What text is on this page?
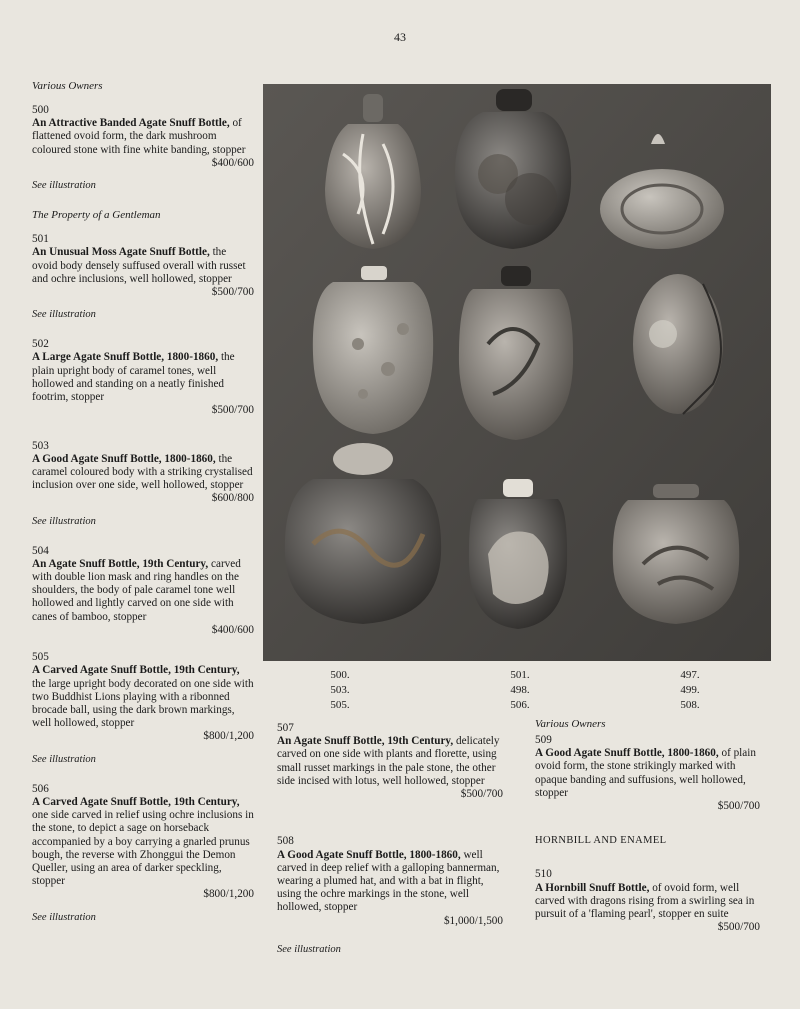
43
Various Owners
500
An Attractive Banded Agate Snuff Bottle, of flattened ovoid form, the dark mushroom coloured stone with fine white banding, stopper
$400/600
See illustration
The Property of a Gentleman
501
An Unusual Moss Agate Snuff Bottle, the ovoid body densely suffused overall with russet and ochre inclusions, well hollowed, stopper
$500/700
See illustration
502
A Large Agate Snuff Bottle, 1800-1860, the plain upright body of caramel tones, well hollowed and standing on a neatly finished footrim, stopper
$500/700
503
A Good Agate Snuff Bottle, 1800-1860, the caramel coloured body with a striking crystalised inclusion over one side, well hollowed, stopper
$600/800
See illustration
504
An Agate Snuff Bottle, 19th Century, carved with double lion mask and ring handles on the shoulders, the body of pale caramel tone well hollowed and lightly carved on one side with canes of bamboo, stopper
$400/600
505
A Carved Agate Snuff Bottle, 19th Century, the large upright body decorated on one side with two Buddhist Lions playing with a ribonned brocade ball, using the dark brown markings, well hollowed, stopper
$800/1,200
See illustration
506
A Carved Agate Snuff Bottle, 19th Century, one side carved in relief using ochre inclusions in the stone, to depict a sage on horseback accompanied by a boy carrying a gnarled prunus bough, the reverse with Zhonggui the Demon Queller, using an area of darker speckling, stopper
$800/1,200
See illustration
500.
503.
505.
501.
498.
506.
497.
499.
508.
507
An Agate Snuff Bottle, 19th Century, delicately carved on one side with plants and florette, using small russet markings in the pale stone, the other side incised with lotus, well hollowed, stopper
$500/700
508
A Good Agate Snuff Bottle, 1800-1860, well carved in deep relief with a galloping bannerman, wearing a plumed hat, and with a bat in flight, using the ochre markings in the stone, well hollowed, stopper
$1,000/1,500
See illustration
Various Owners
509
A Good Agate Snuff Bottle, 1800-1860, of plain ovoid form, the stone strikingly marked with opaque banding and suffusions, well hollowed, stopper
$500/700
HORNBILL AND ENAMEL
510
A Hornbill Snuff Bottle, of ovoid form, well carved with dragons rising from a swirling sea in pursuit of a 'flaming pearl', stopper en suite
$500/700
